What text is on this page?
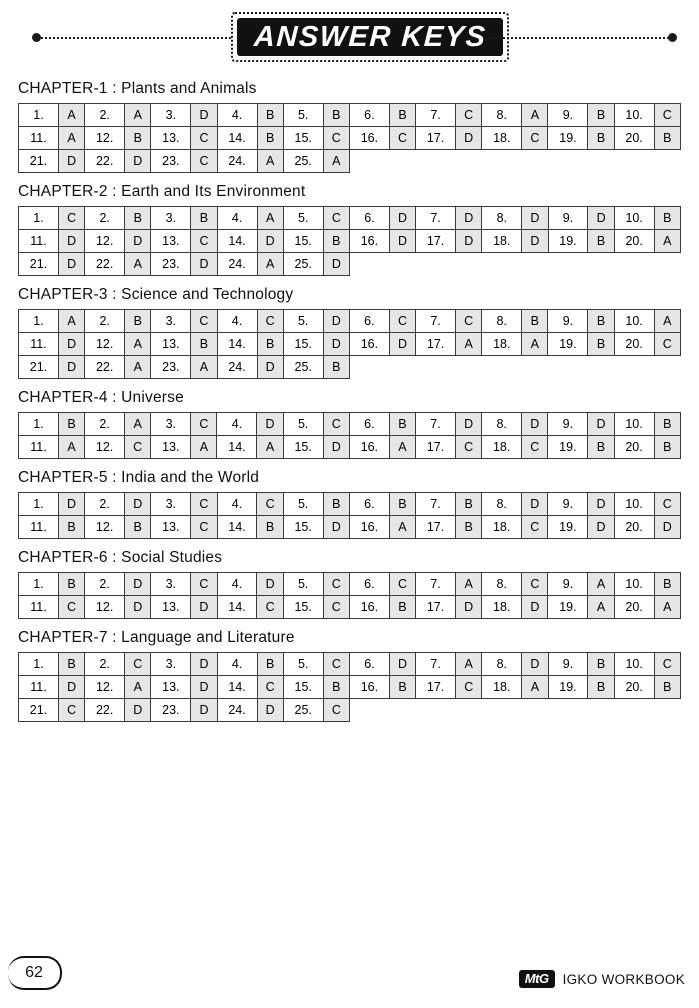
ANSWER KEYS
CHAPTER-1 : Plants and Animals
1.	A	2.	A	3.	D	4.	B	5.	B	6.	B	7.	C	8.	A	9.	B	10.	C
11.	A	12.	B	13.	C	14.	B	15.	C	16.	C	17.	D	18.	C	19.	B	20.	B
21.	D	22.	D	23.	C	24.	A	25.	A										
CHAPTER-2 : Earth and Its Environment
1.	C	2.	B	3.	B	4.	A	5.	C	6.	D	7.	D	8.	D	9.	D	10.	B
11.	D	12.	D	13.	C	14.	D	15.	B	16.	D	17.	D	18.	D	19.	B	20.	A
21.	D	22.	A	23.	D	24.	A	25.	D										
CHAPTER-3 : Science and Technology
1.	A	2.	B	3.	C	4.	C	5.	D	6.	C	7.	C	8.	B	9.	B	10.	A
11.	D	12.	A	13.	B	14.	B	15.	D	16.	D	17.	A	18.	A	19.	B	20.	C
21.	D	22.	A	23.	A	24.	D	25.	B										
CHAPTER-4 : Universe
1.	B	2.	A	3.	C	4.	D	5.	C	6.	B	7.	D	8.	D	9.	D	10.	B
11.	A	12.	C	13.	A	14.	A	15.	D	16.	A	17.	C	18.	C	19.	B	20.	B
CHAPTER-5 : India and the World
1.	D	2.	D	3.	C	4.	C	5.	B	6.	B	7.	B	8.	D	9.	D	10.	C
11.	B	12.	B	13.	C	14.	B	15.	D	16.	A	17.	B	18.	C	19.	D	20.	D
CHAPTER-6 : Social Studies
1.	B	2.	D	3.	C	4.	D	5.	C	6.	C	7.	A	8.	C	9.	A	10.	B
11.	C	12.	D	13.	D	14.	C	15.	C	16.	B	17.	D	18.	D	19.	A	20.	A
CHAPTER-7 : Language and Literature
1.	B	2.	C	3.	D	4.	B	5.	C	6.	D	7.	A	8.	D	9.	B	10.	C
11.	D	12.	A	13.	D	14.	C	15.	B	16.	B	17.	C	18.	A	19.	B	20.	B
21.	C	22.	D	23.	D	24.	D	25.	C										
62	MtG	IGKO WORKBOOK
